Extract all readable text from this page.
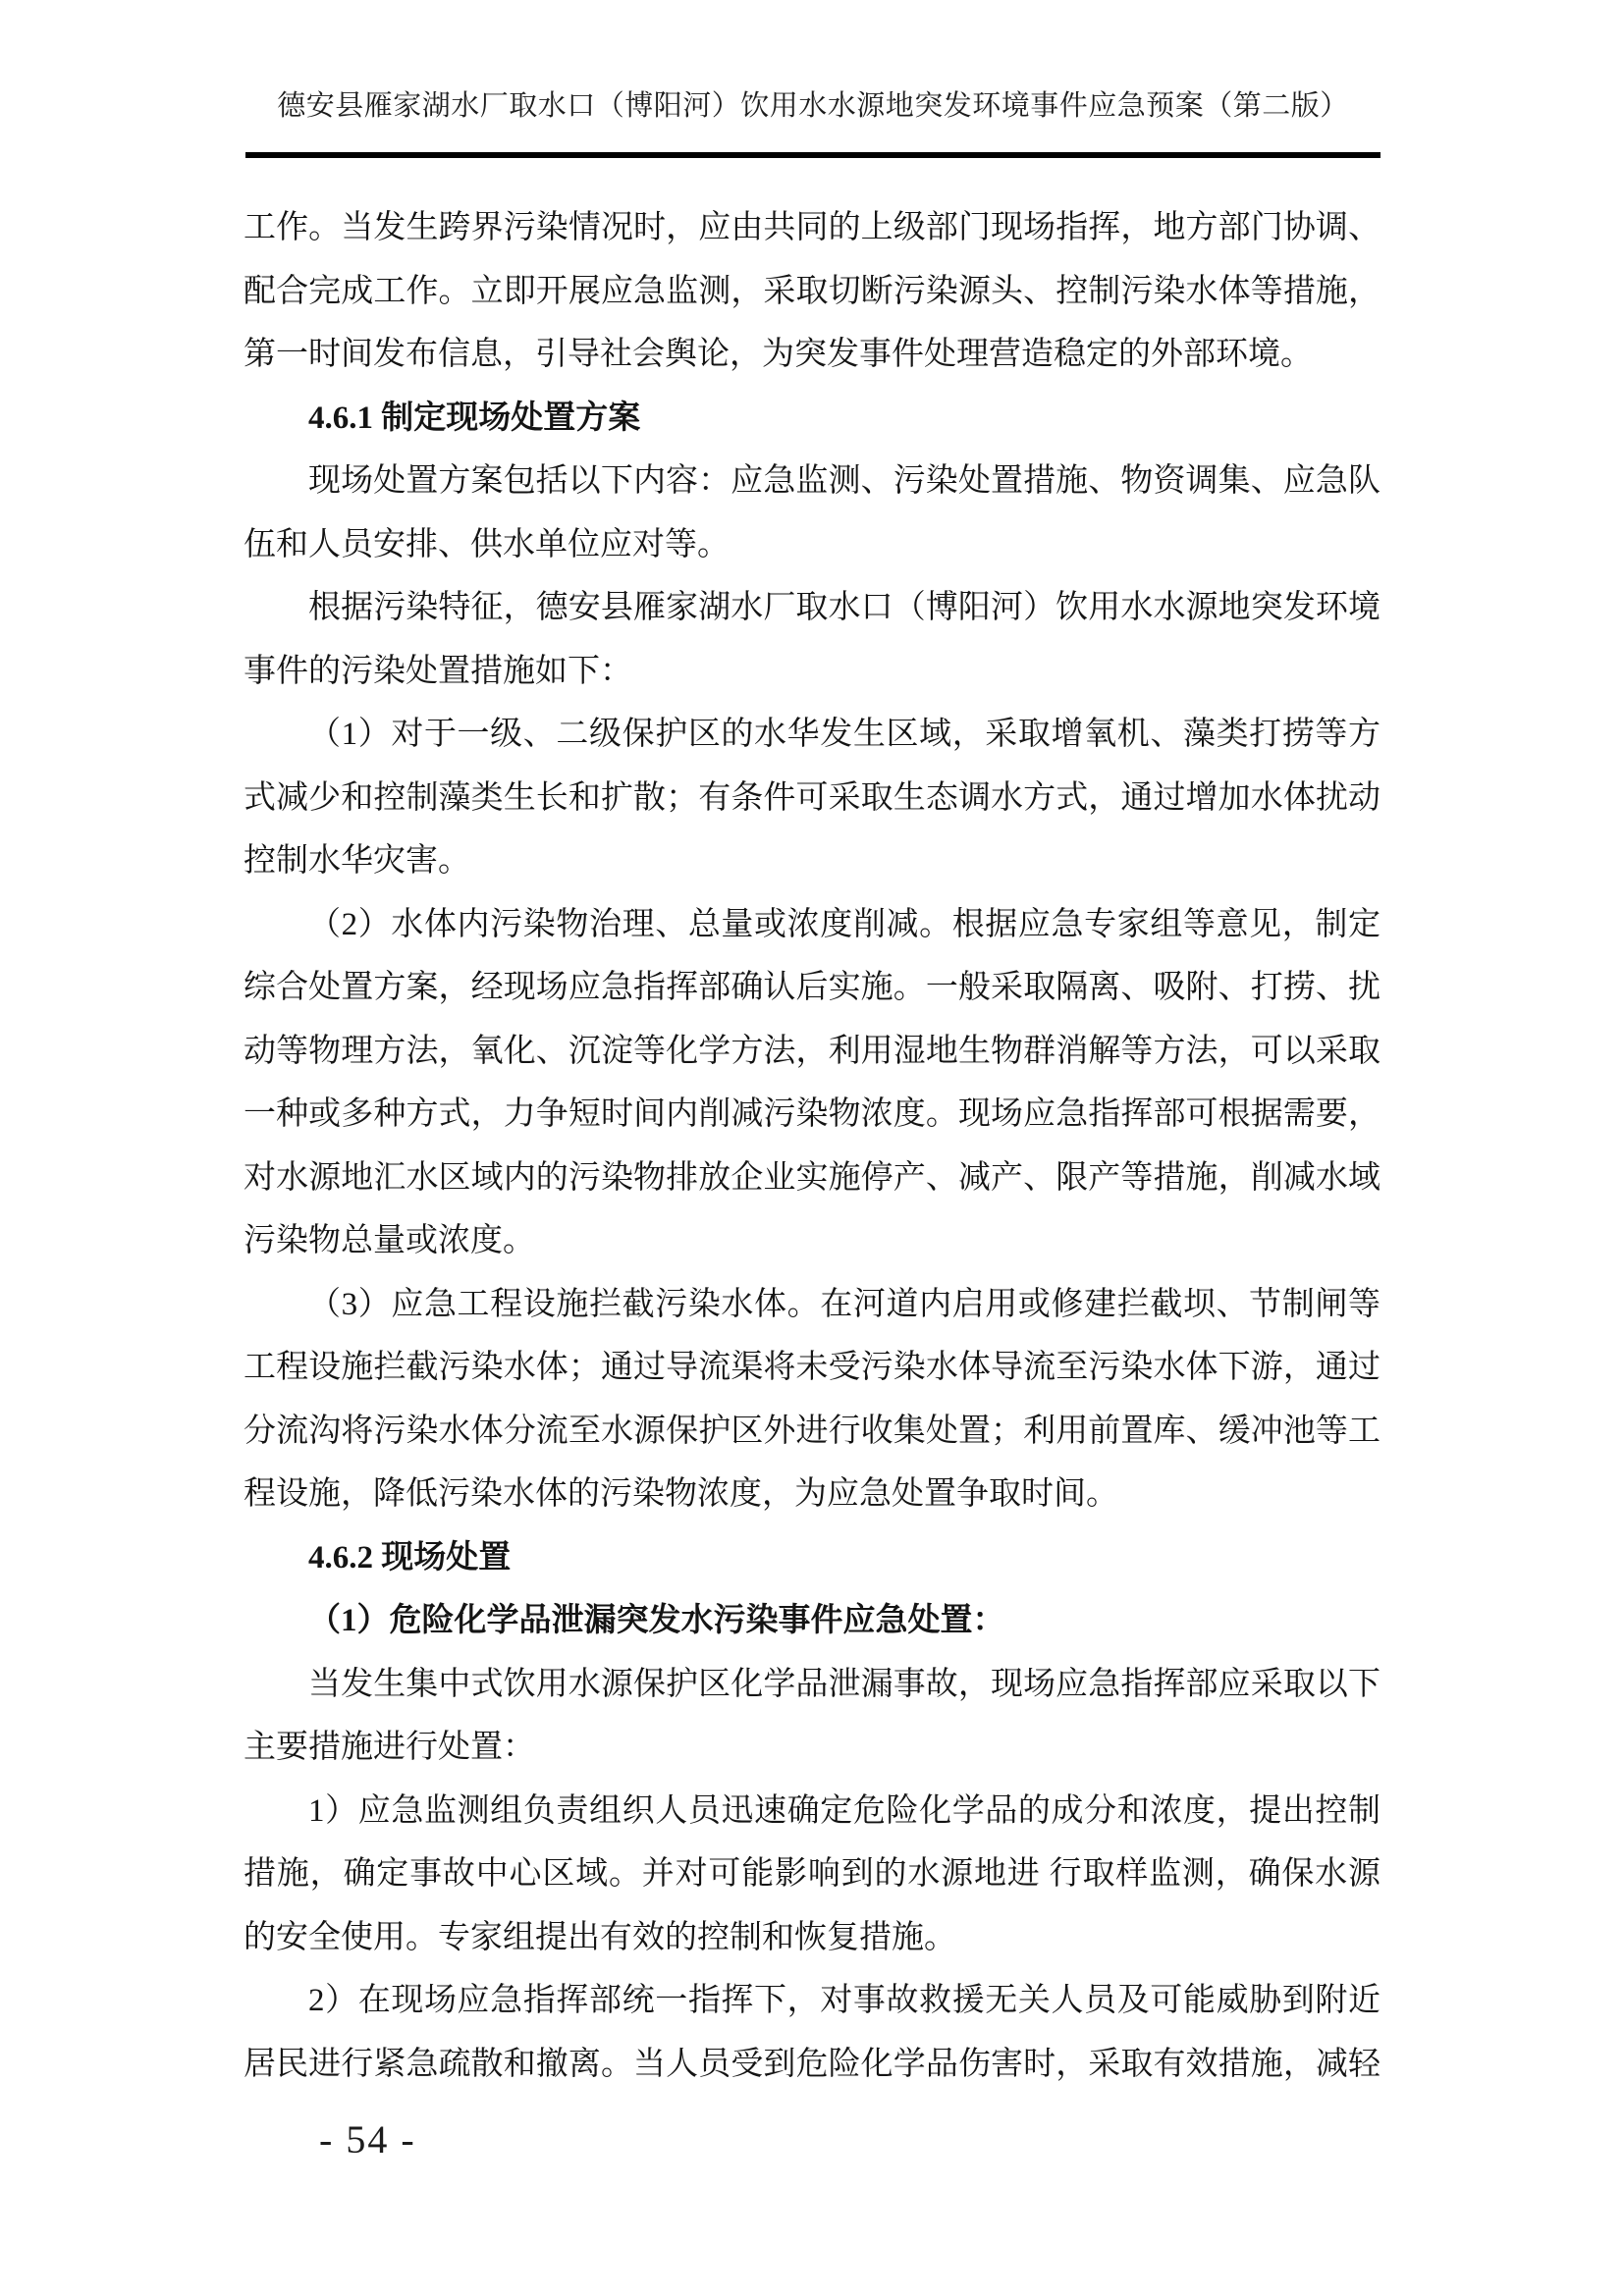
德安县雁家湖水厂取水口（博阳河）饮用水水源地突发环境事件应急预案（第二版）
工作。当发生跨界污染情况时，应由共同的上级部门现场指挥，地方部门协调、
配合完成工作。立即开展应急监测，采取切断污染源头、控制污染水体等措施，
第一时间发布信息，引导社会舆论，为突发事件处理营造稳定的外部环境。
4.6.1 制定现场处置方案
现场处置方案包括以下内容：应急监测、污染处置措施、物资调集、应急队
伍和人员安排、供水单位应对等。
根据污染特征，德安县雁家湖水厂取水口（博阳河）饮用水水源地突发环境
事件的污染处置措施如下：
（1）对于一级、二级保护区的水华发生区域，采取增氧机、藻类打捞等方
式减少和控制藻类生长和扩散；有条件可采取生态调水方式，通过增加水体扰动
控制水华灾害。
（2）水体内污染物治理、总量或浓度削减。根据应急专家组等意见，制定
综合处置方案，经现场应急指挥部确认后实施。一般采取隔离、吸附、打捞、扰
动等物理方法，氧化、沉淀等化学方法，利用湿地生物群消解等方法，可以采取
一种或多种方式，力争短时间内削减污染物浓度。现场应急指挥部可根据需要，
对水源地汇水区域内的污染物排放企业实施停产、减产、限产等措施，削减水域
污染物总量或浓度。
（3）应急工程设施拦截污染水体。在河道内启用或修建拦截坝、节制闸等
工程设施拦截污染水体；通过导流渠将未受污染水体导流至污染水体下游，通过
分流沟将污染水体分流至水源保护区外进行收集处置；利用前置库、缓冲池等工
程设施，降低污染水体的污染物浓度，为应急处置争取时间。
4.6.2 现场处置
（1）危险化学品泄漏突发水污染事件应急处置：
当发生集中式饮用水源保护区化学品泄漏事故，现场应急指挥部应采取以下
主要措施进行处置：
1）应急监测组负责组织人员迅速确定危险化学品的成分和浓度，提出控制
措施，确定事故中心区域。并对可能影响到的水源地进 行取样监测，确保水源
的安全使用。专家组提出有效的控制和恢复措施。
2）在现场应急指挥部统一指挥下，对事故救援无关人员及可能威胁到附近
居民进行紧急疏散和撤离。当人员受到危险化学品伤害时，采取有效措施，减轻
- 54 -
